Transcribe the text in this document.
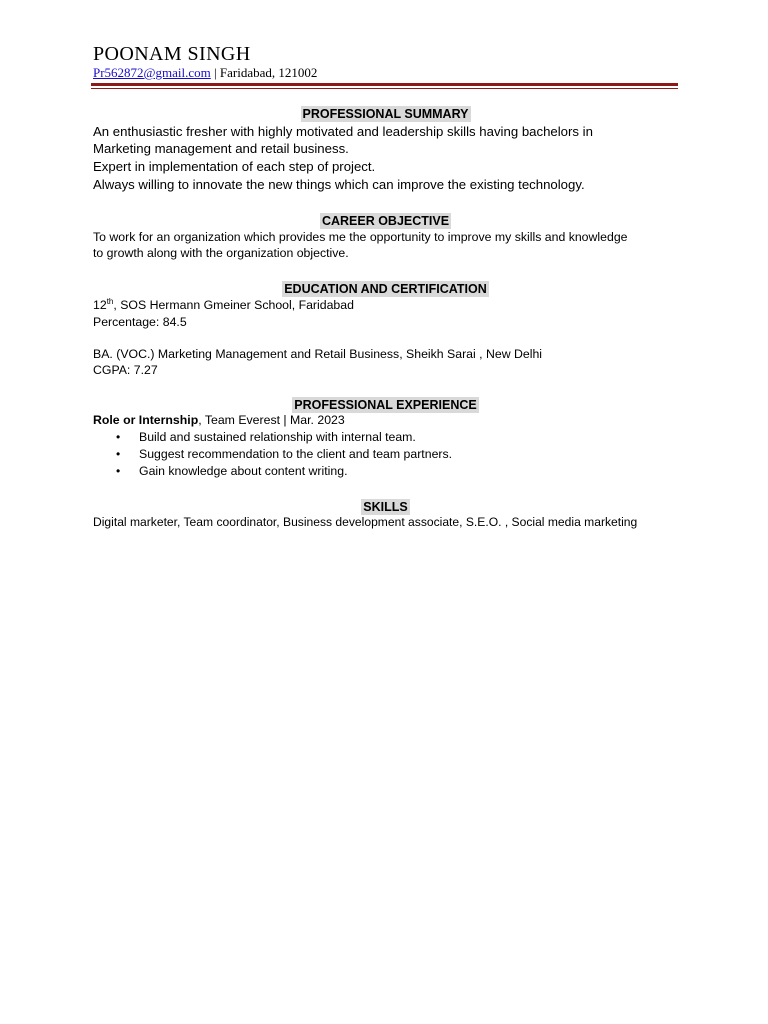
POONAM SINGH
Pr562872@gmail.com | Faridabad, 121002
PROFESSIONAL SUMMARY
An enthusiastic fresher with highly motivated and leadership skills having bachelors in
Marketing management and retail business.
Expert in implementation of each step of project.
Always willing to innovate the new things which can improve the existing technology.
CAREER OBJECTIVE
To work for an organization which provides me the opportunity to improve my skills and knowledge
to growth along with the organization objective.
EDUCATION AND CERTIFICATION
12th, SOS Hermann Gmeiner School, Faridabad
Percentage: 84.5
BA. (VOC.) Marketing Management and Retail Business, Sheikh Sarai , New Delhi
CGPA: 7.27
PROFESSIONAL EXPERIENCE
Role or Internship, Team Everest | Mar. 2023
• Build and sustained relationship with internal team.
• Suggest recommendation to the client and team partners.
• Gain knowledge about content writing.
SKILLS
Digital marketer, Team coordinator, Business development associate, S.E.O. , Social media marketing
